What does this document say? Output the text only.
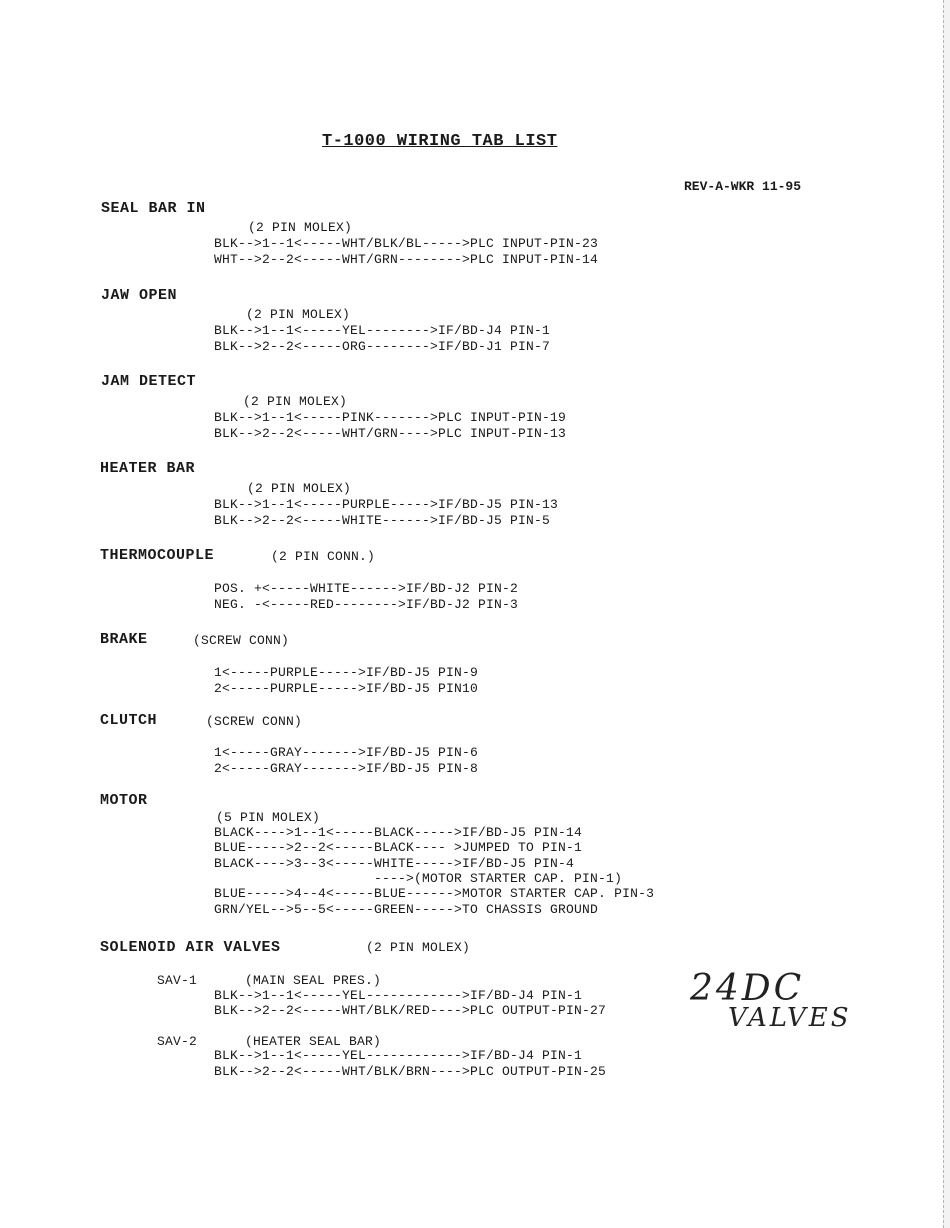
T-1000 WIRING TAB LIST
REV-A-WKR 11-95
SEAL BAR IN
(2 PIN MOLEX)
BLK-->1--1<-----WHT/BLK/BL----->PLC INPUT-PIN-23
WHT-->2--2<-----WHT/GRN-------->PLC INPUT-PIN-14
JAW OPEN
(2 PIN MOLEX)
BLK-->1--1<-----YEL-------->IF/BD-J4 PIN-1
BLK-->2--2<-----ORG-------->IF/BD-J1 PIN-7
JAM DETECT
(2 PIN MOLEX)
BLK-->1--1<-----PINK------->PLC INPUT-PIN-19
BLK-->2--2<-----WHT/GRN---->PLC INPUT-PIN-13
HEATER BAR
(2 PIN MOLEX)
BLK-->1--1<-----PURPLE----->IF/BD-J5 PIN-13
BLK-->2--2<-----WHITE------>IF/BD-J5 PIN-5
THERMOCOUPLE	(2 PIN CONN.)
POS. +<-----WHITE------>IF/BD-J2 PIN-2
NEG. -<-----RED-------->IF/BD-J2 PIN-3
BRAKE	(SCREW CONN)
1<-----PURPLE----->IF/BD-J5 PIN-9
2<-----PURPLE----->IF/BD-J5 PIN10
CLUTCH	(SCREW CONN)
1<-----GRAY------->IF/BD-J5 PIN-6
2<-----GRAY------->IF/BD-J5 PIN-8
MOTOR
(5 PIN MOLEX)
BLACK---->1--1<-----BLACK----->IF/BD-J5 PIN-14
BLUE----->2--2<-----BLACK---- >JUMPED TO PIN-1
BLACK---->3--3<-----WHITE----->IF/BD-J5 PIN-4
---->(MOTOR STARTER CAP. PIN-1)
BLUE----->4--4<-----BLUE------>MOTOR STARTER CAP. PIN-3
GRN/YEL-->5--5<-----GREEN----->TO CHASSIS GROUND
SOLENOID AIR VALVES	(2 PIN MOLEX)
SAV-1	(MAIN SEAL PRES.)
BLK-->1--1<-----YEL------------>IF/BD-J4 PIN-1
BLK-->2--2<-----WHT/BLK/RED---->PLC OUTPUT-PIN-27
SAV-2	(HEATER SEAL BAR)
BLK-->1--1<-----YEL------------>IF/BD-J4 PIN-1
BLK-->2--2<-----WHT/BLK/BRN---->PLC OUTPUT-PIN-25
24DC
VALVES
